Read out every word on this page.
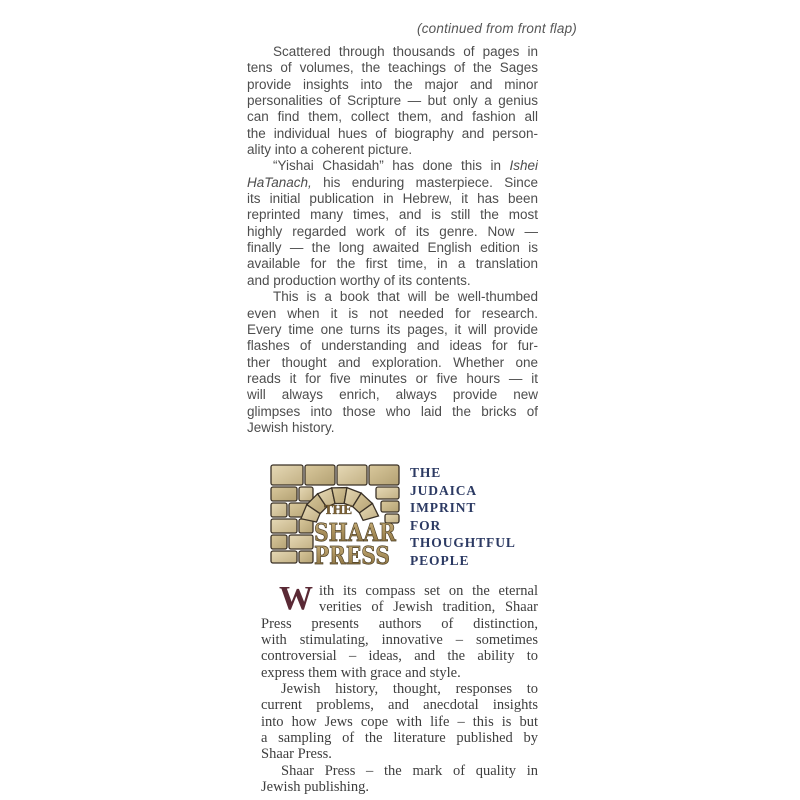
(continued from front flap)
Scattered through thousands of pages in
tens of volumes, the teachings of the Sages
provide insights into the major and minor
personalities of Scripture — but only a genius
can find them, collect them, and fashion all
the individual hues of biography and person-
ality into a coherent picture.
“Yishai Chasidah” has done this in Ishei
HaTanach, his enduring masterpiece. Since
its initial publication in Hebrew, it has been
reprinted many times, and is still the most
highly regarded work of its genre. Now —
finally — the long awaited English edition is
available for the first time, in a translation
and production worthy of its contents.
This is a book that will be well-thumbed
even when it is not needed for research.
Every time one turns its pages, it will provide
flashes of understanding and ideas for fur-
ther thought and exploration. Whether one
reads it for five minutes or five hours — it
will always enrich, always provide new
glimpses into those who laid the bricks of
Jewish history.
THE
SHAAR
PRESS
THE
JUDAICA
IMPRINT
FOR
THOUGHTFUL
PEOPLE
W ith its compass set on the eternal
verities of Jewish tradition, Shaar
Press presents authors of distinction,
with stimulating, innovative – sometimes
controversial – ideas, and the ability to
express them with grace and style.
Jewish history, thought, responses to
current problems, and anecdotal insights
into how Jews cope with life – this is but
a sampling of the literature published by
Shaar Press.
Shaar Press – the mark of quality in
Jewish publishing.
